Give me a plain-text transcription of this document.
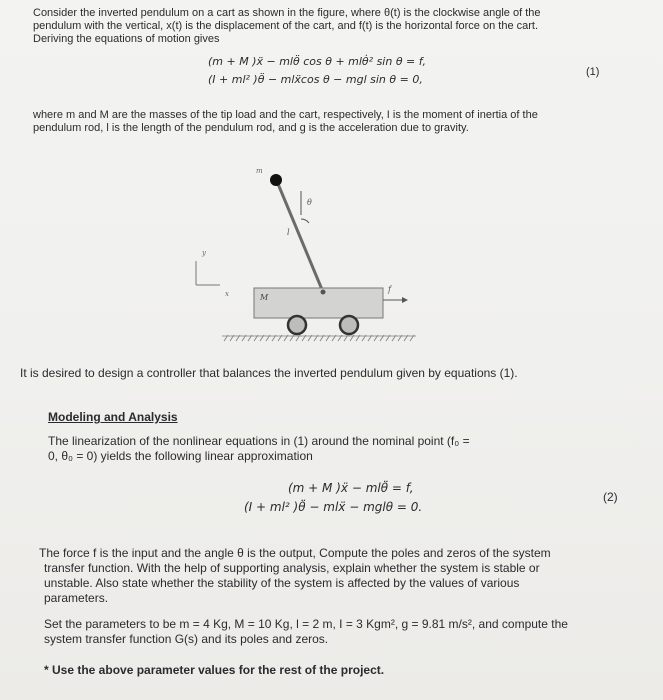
Consider the inverted pendulum on a cart as shown in the figure, where θ(t) is the clockwise angle of the
pendulum with the vertical, x(t) is the displacement of the cart, and f(t) is the horizontal force on the cart.
Deriving the equations of motion gives
(m + M )ẍ − mlθ̈ cos θ + mlθ̇² sin θ = f,
(I + ml² )θ̈ − mlẍcos θ − mgl sin θ = 0,
(1)
where m and M are the masses of the tip load and the cart, respectively, I is the moment of inertia of the
pendulum rod, l is the length of the pendulum rod, and g is the acceleration due to gravity.
m
θ
l
y
x	M
f
It is desired to design a controller that balances the inverted pendulum given by equations (1).
Modeling and Analysis
The linearization of the nonlinear equations in (1) around the nominal point (f₀ =
0, θ₀ = 0) yields the following linear approximation
(m + M )ẍ − mlθ̈ = f,
(I + ml² )θ̈ − mlẍ − mglθ = 0.
(2)
The force f is the input and the angle θ is the output, Compute the poles and zeros of the system
transfer function. With the help of supporting analysis, explain whether the system is stable or
unstable. Also state whether the stability of the system is affected by the values of various
parameters.
Set the parameters to be m = 4 Kg, M = 10 Kg, l = 2 m, I = 3 Kgm², g = 9.81 m/s², and compute the
system transfer function G(s) and its poles and zeros.
* Use the above parameter values for the rest of the project.
